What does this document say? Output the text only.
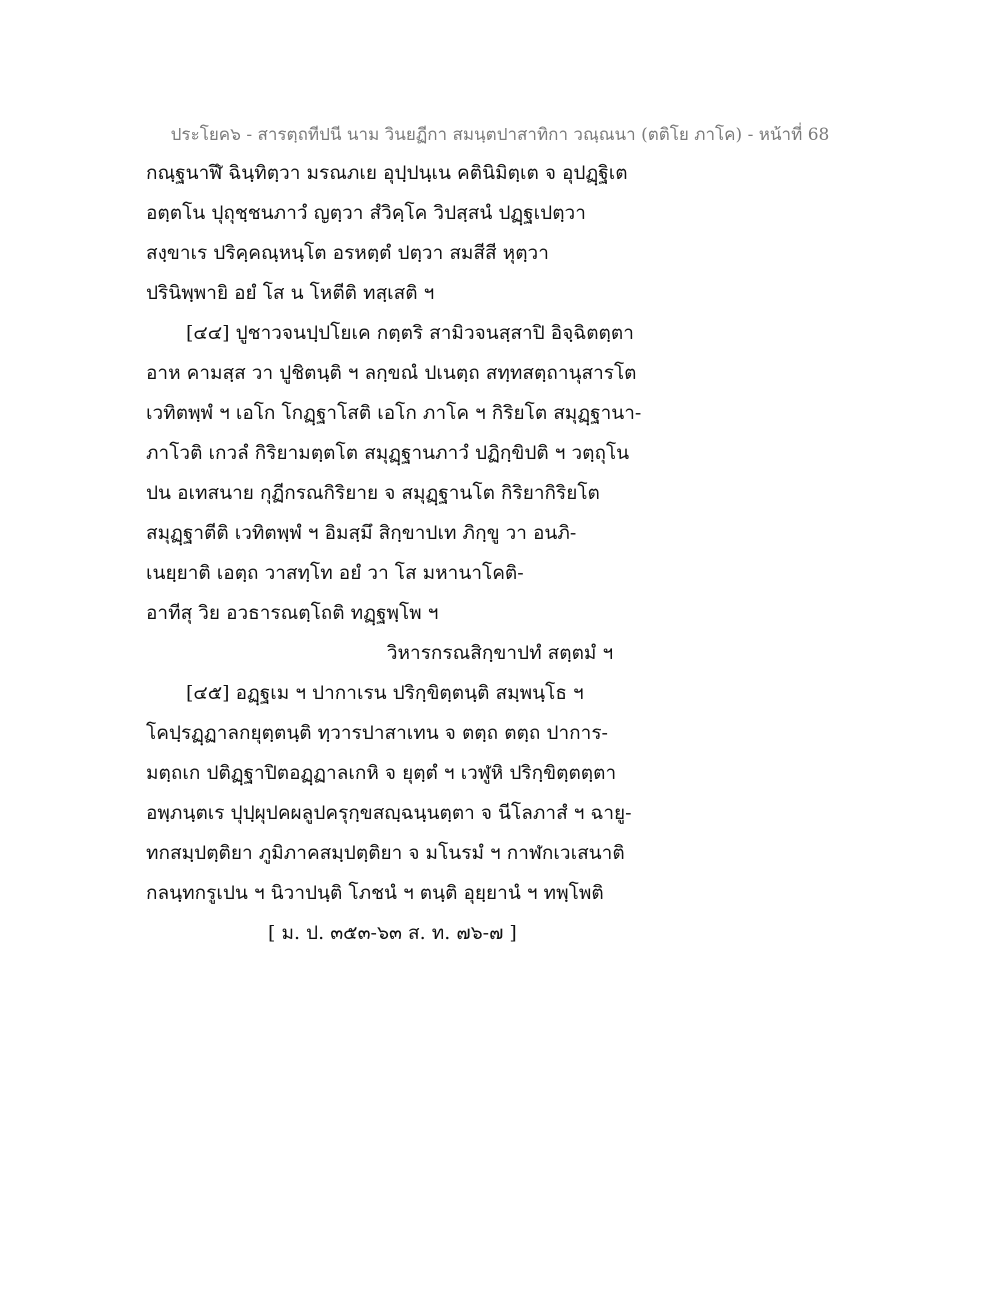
ประโยค๖ - สารตฺถทีปนี นาม วินยฏีกา สมนฺตปาสาทิกา วณฺณนา (ตติโย ภาโค) - หน้าที่ 68
กณฺฐนาฬึ ฉินฺทิตฺวา มรณภเย อุปฺปนฺเน คตินิมิตฺเต จ อุปฏฺฐิเต
อตฺตโน ปุถุชฺชนภาวํ ญตฺวา สํวิคฺโค วิปสฺสนํ ปฏฺฐเปตฺวา
สงฺขาเร ปริคฺคณฺหนฺโต อรหตฺตํ ปตฺวา สมสีสี หุตฺวา
ปรินิพฺพายิ อยํ โส น โหตีติ ทสฺเสติ ฯ
[๔๔] ปูชาวจนปฺปโยเค กตฺตริ สามิวจนสฺสาปิ อิจฺฉิตตฺตา
อาห คามสฺส วา ปูชิตนฺติ ฯ ลกฺขณํ ปเนตฺถ สทฺทสตฺถานุสารโต
เวทิตพฺพํ ฯ เอโก โกฏฺฐาโสติ เอโก ภาโค ฯ กิริยโต สมุฏฺฐานา-
ภาโวติ เกวลํ กิริยามตฺตโต สมุฏฺฐานภาวํ ปฏิกฺขิปติ ฯ วตฺถุโน
ปน อเทสนาย กุฏีกรณกิริยาย จ สมุฏฺฐานโต กิริยากิริยโต
สมุฏฺฐาตีติ เวทิตพฺพํ ฯ อิมสฺมึ สิกฺขาปเท ภิกฺขู วา อนภิ-
เนยฺยาติ เอตฺถ วาสทฺโท อยํ วา โส มหานาโคติ-
อาทีสุ วิย อวธารณตฺโถติ ทฏฺฐพฺโพ ฯ
วิหารกรณสิกฺขาปทํ สตฺตมํ ฯ
[๔๕] อฏฺฐเม ฯ ปากาเรน ปริกฺขิตฺตนฺติ สมฺพนฺโธ ฯ
โคปฺรฏฺฏาลกยุตฺตนฺติ ทฺวารปาสาเทน จ ตตฺถ ตตฺถ ปาการ-
มตฺถเก ปติฏฺฐาปิตอฏฺฏาลเกหิ จ ยุตฺตํ ฯ เวฬูหิ ปริกฺขิตฺตตฺตา
อพฺภนฺตเร ปุปฺผุปคผลูปครุกฺขสญฺฉนฺนตฺตา จ นีโลภาสํ ฯ ฉายู-
ทกสมฺปตฺติยา ภูมิภาคสมฺปตฺติยา จ มโนรมํ ฯ กาฬกเวเสนาติ
กลนฺทกรูเปน ฯ นิวาปนฺติ โภชนํ ฯ ตนฺติ อุยฺยานํ ฯ ทพฺโพติ
[ ม. ป. ๓๕๓-๖๓ ส. ท. ๗๖-๗ ]
